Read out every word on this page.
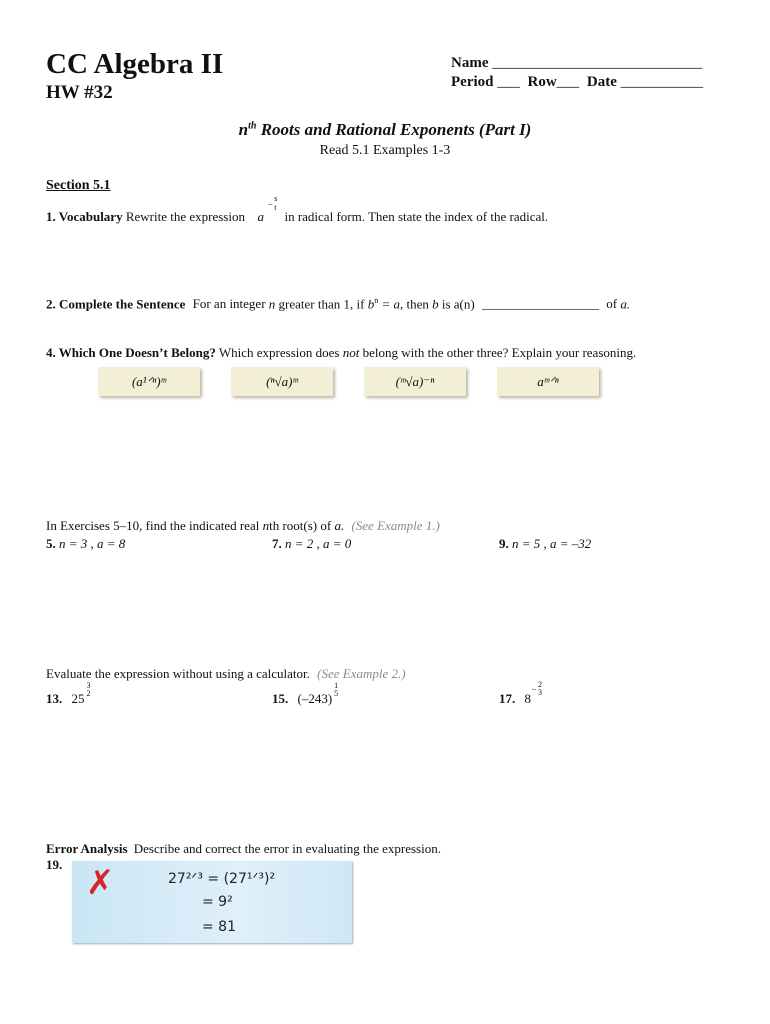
CC Algebra II
HW #32
Name ____________________________
Period ___ Row___ Date ___________
$n^{th}$ Roots and Rational Exponents (Part I)
Read 5.1 Examples 1-3
Section 5.1
1. Vocabulary Rewrite the expression a
–
s
t
in radical form. Then state the index of the radical.
2. Complete the Sentence For an integer n greater than 1, if $b^n = a$, then b is a(n) __________________ of a.
4. Which One Doesn’t Belong? Which expression does not belong with the other three? Explain your reasoning.
(a¹ᐟⁿ)ᵐ	(ⁿ√a)ᵐ	(ᵐ√a)⁻ⁿ	aᵐᐟⁿ
In Exercises 5–10, find the indicated real nth root(s) of a. (See Example 1.)
5. n = 3 , a = 8	7. n = 2 , a = 0	9. n = 5 , a = –32
Evaluate the expression without using a calculator. (See Example 2.)
13. 25
3
2	15. (–243)
1
5	17. 8
– 2
3
Error Analysis Describe and correct the error in evaluating the expression.
19. ✗	27²ᐟ³ = (27¹ᐟ³)²
= 9²
= 81
